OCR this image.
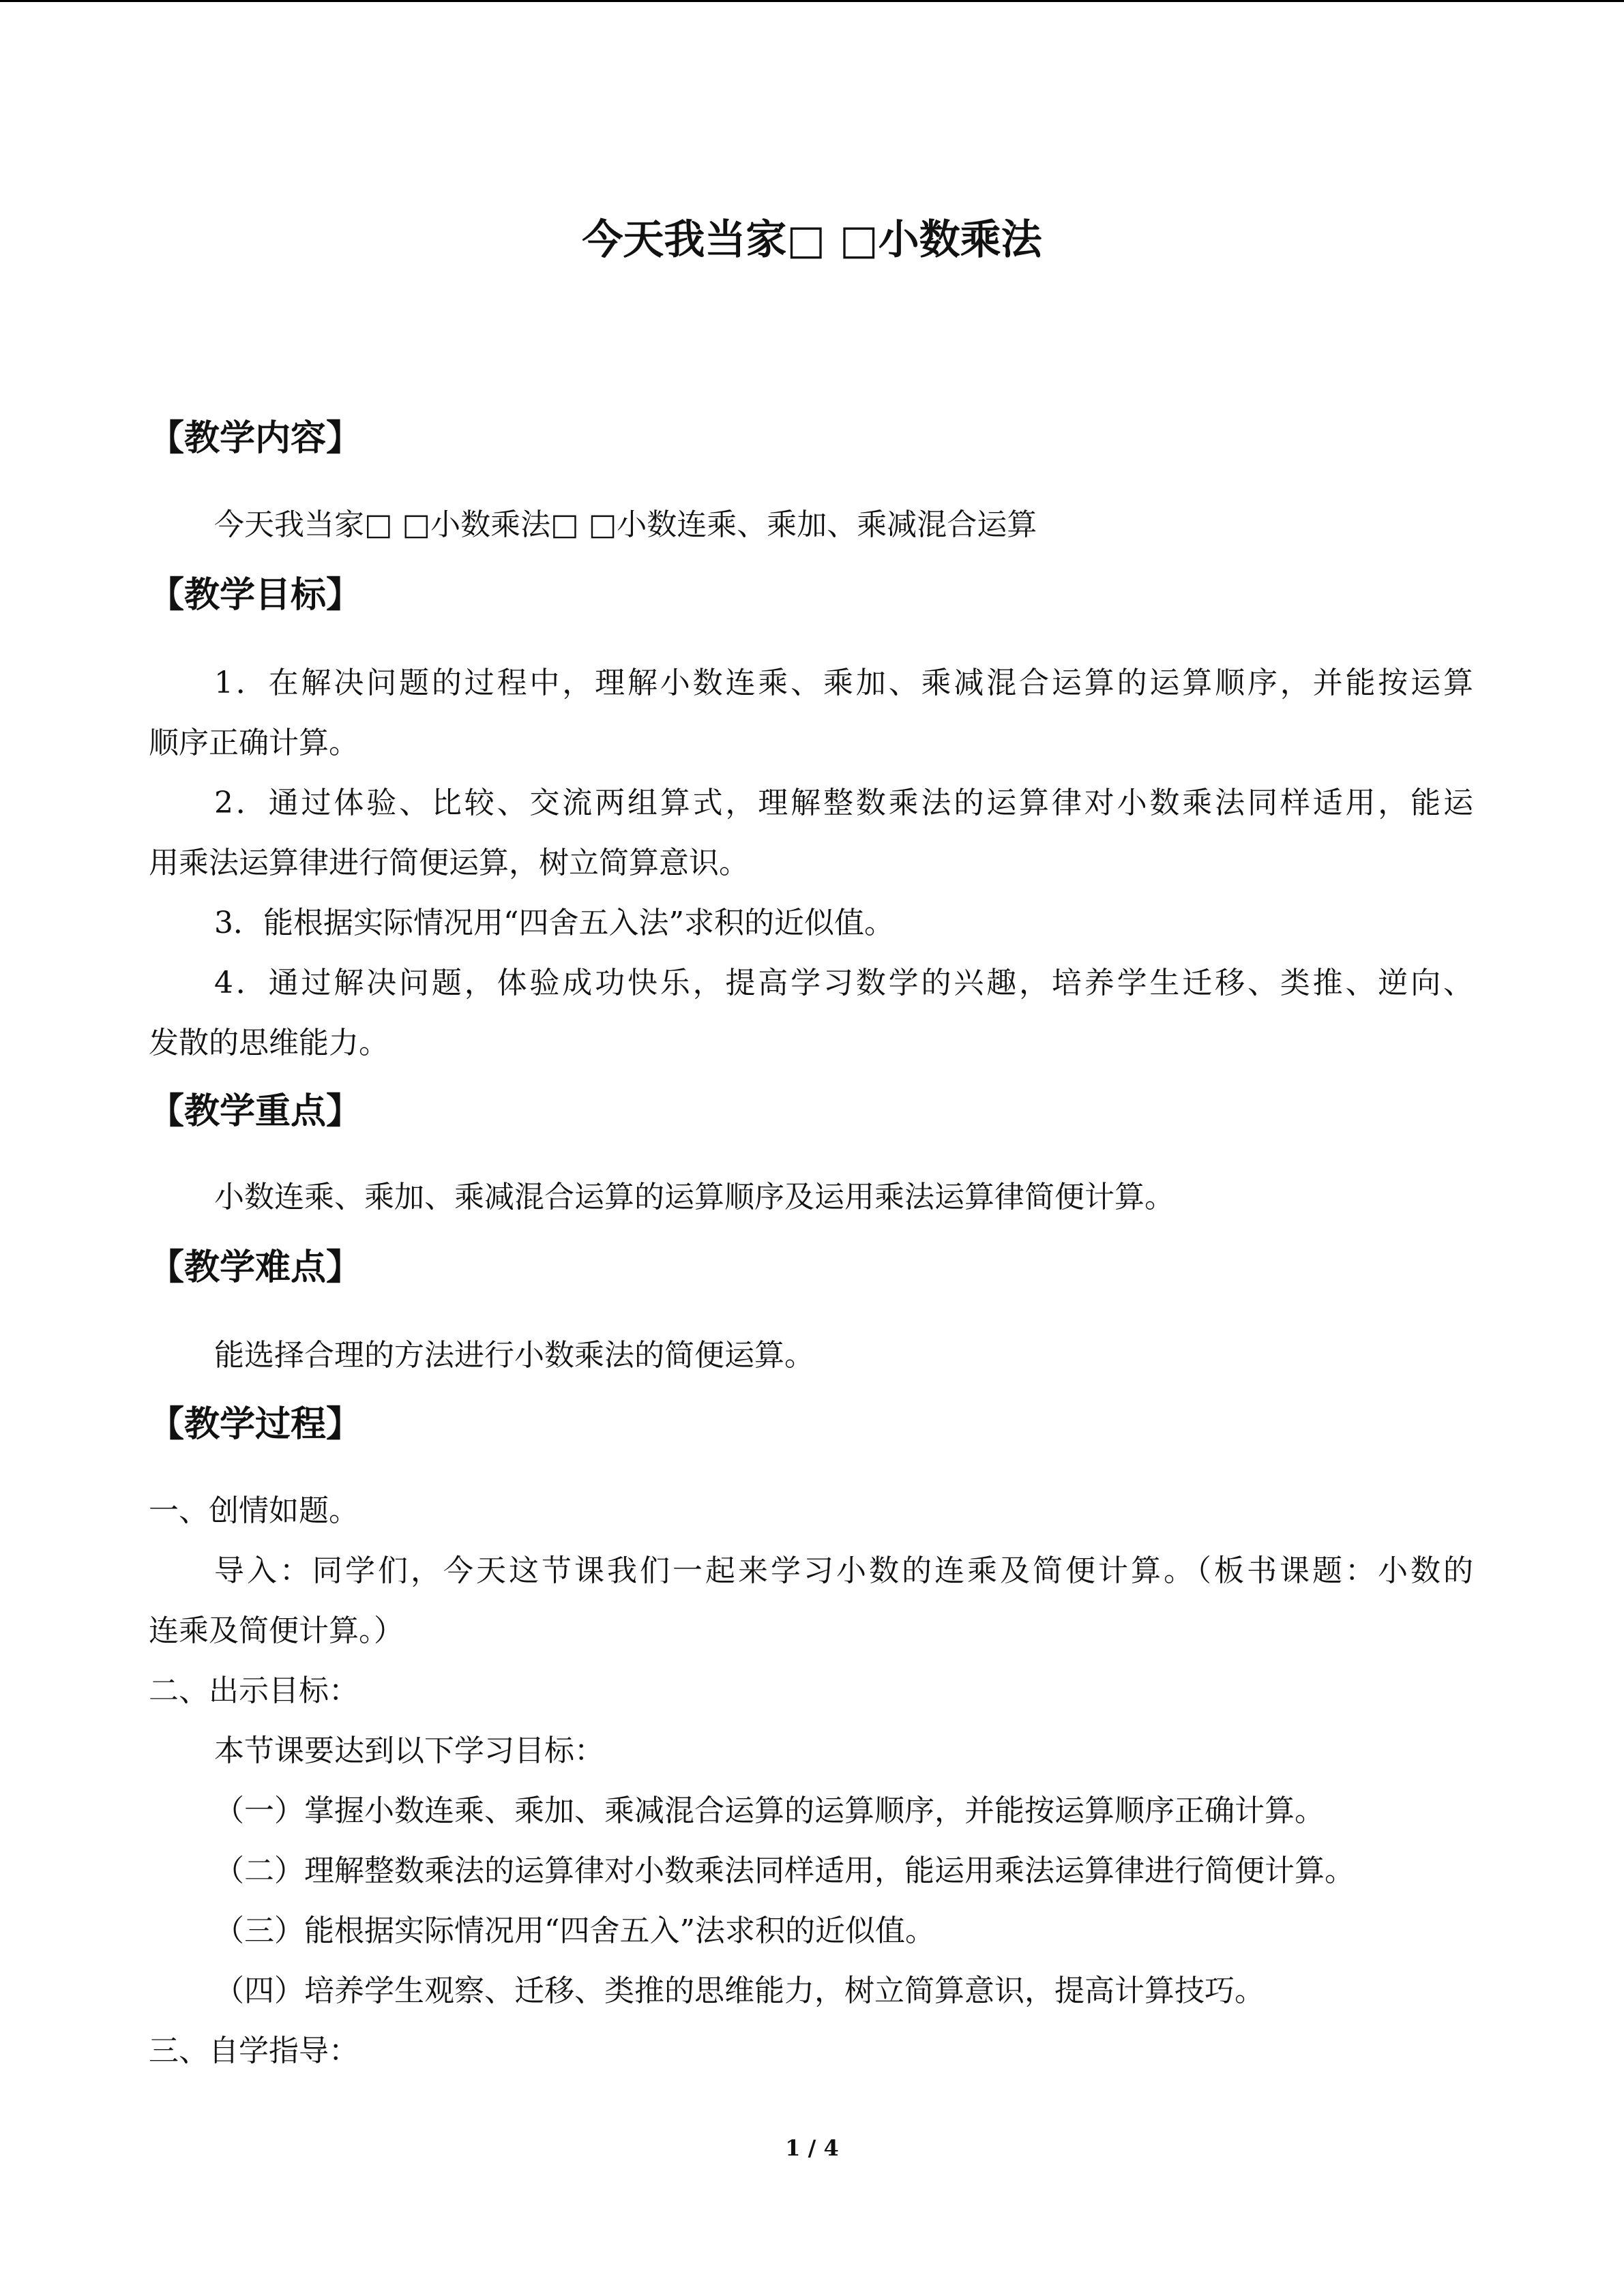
今天我当家□ □小数乘法
【教学内容】
今天我当家□ □小数乘法□ □小数连乘、乘加、乘减混合运算
【教学目标】
1．在解决问题的过程中，理解小数连乘、乘加、乘减混合运算的运算顺序，并能按运算
顺序正确计算。
2．通过体验、比较、交流两组算式，理解整数乘法的运算律对小数乘法同样适用，能运
用乘法运算律进行简便运算，树立简算意识。
3．能根据实际情况用“四舍五入法”求积的近似值。
4．通过解决问题，体验成功快乐，提高学习数学的兴趣，培养学生迁移、类推、逆向、
发散的思维能力。
【教学重点】
小数连乘、乘加、乘减混合运算的运算顺序及运用乘法运算律简便计算。
【教学难点】
能选择合理的方法进行小数乘法的简便运算。
【教学过程】
一、创情如题。
导入：同学们，今天这节课我们一起来学习小数的连乘及简便计算。（板书课题：小数的
连乘及简便计算。）
二、出示目标：
本节课要达到以下学习目标：
（一）掌握小数连乘、乘加、乘减混合运算的运算顺序，并能按运算顺序正确计算。
（二）理解整数乘法的运算律对小数乘法同样适用，能运用乘法运算律进行简便计算。
（三）能根据实际情况用“四舍五入”法求积的近似值。
（四）培养学生观察、迁移、类推的思维能力，树立简算意识，提高计算技巧。
三、自学指导：
1 / 4
